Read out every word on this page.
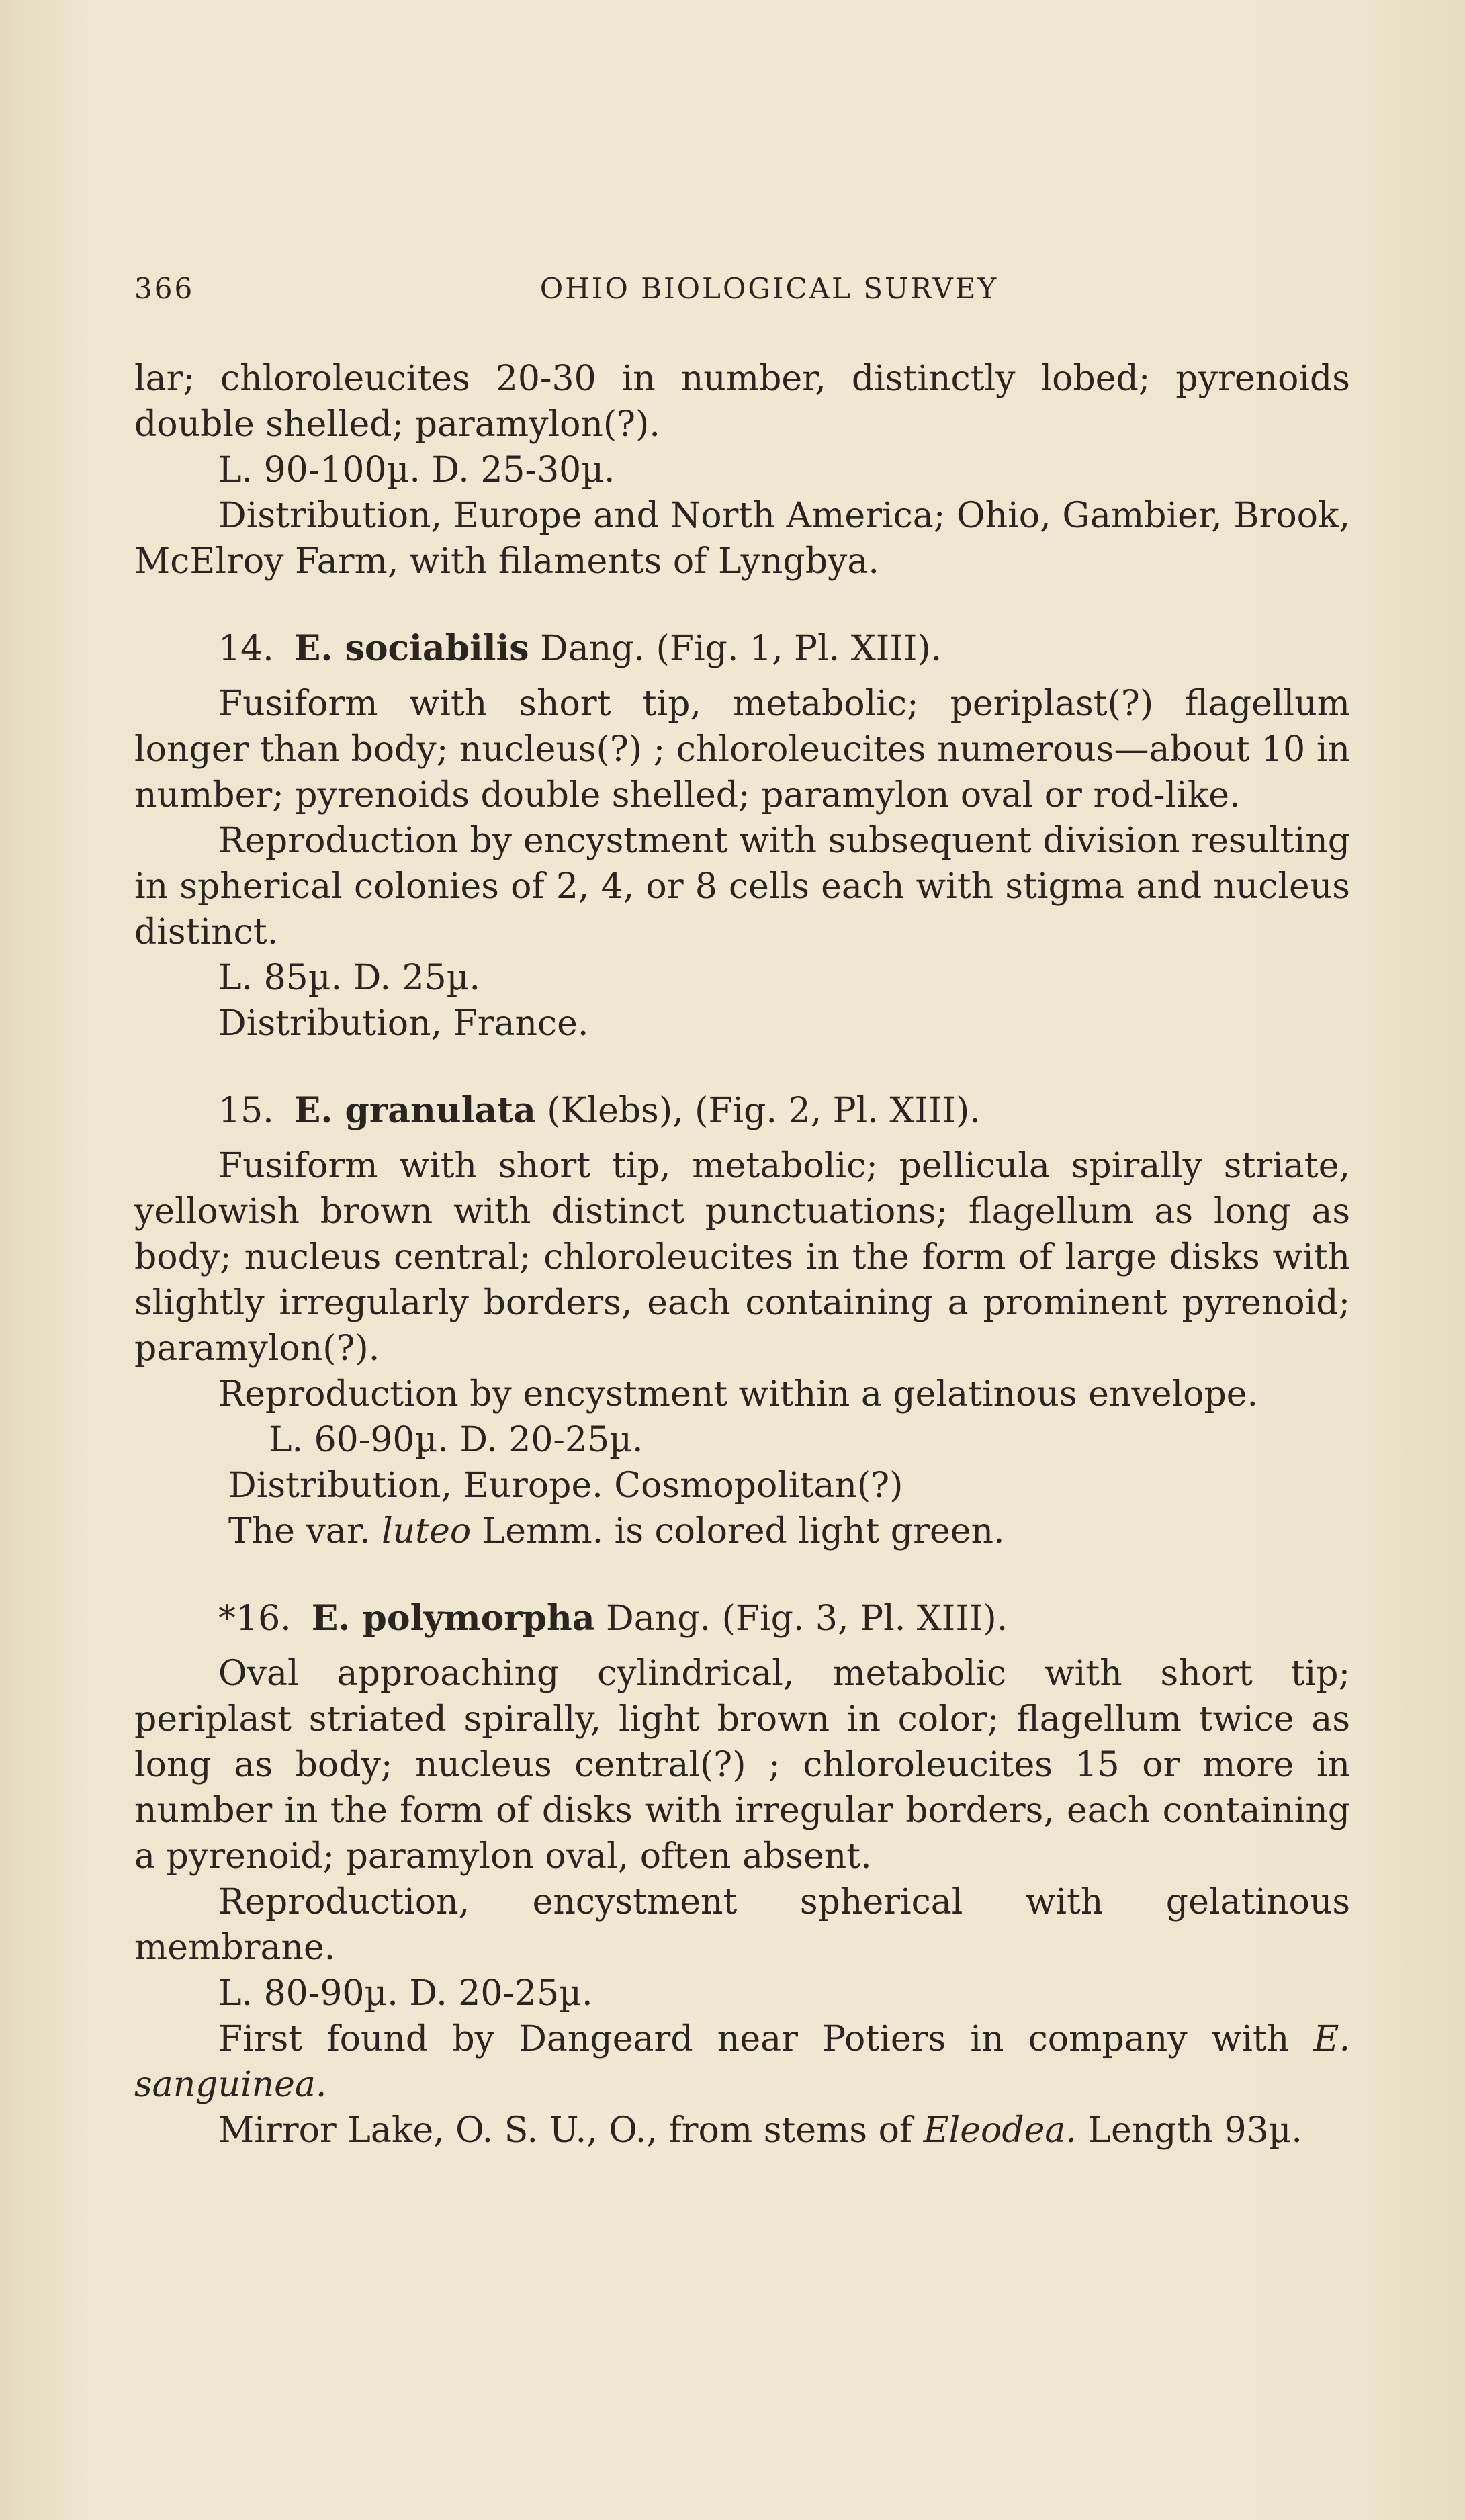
366	OHIO BIOLOGICAL SURVEY

lar; chloroleucites 20-30 in number, distinctly lobed; pyrenoids double shelled; paramylon(?).

L. 90-100µ. D. 25-30µ.

Distribution, Europe and North America; Ohio, Gambier, Brook, McElroy Farm, with filaments of Lyngbya.

14. E. sociabilis Dang. (Fig. 1, Pl. XIII).

Fusiform with short tip, metabolic; periplast(?) flagellum longer than body; nucleus(?) ; chloroleucites numerous—about 10 in number; pyrenoids double shelled; paramylon oval or rod-like.

Reproduction by encystment with subsequent division resulting in spherical colonies of 2, 4, or 8 cells each with stigma and nucleus distinct.

L. 85µ. D. 25µ.

Distribution, France.

15. E. granulata (Klebs), (Fig. 2, Pl. XIII).

Fusiform with short tip, metabolic; pellicula spirally striate, yellowish brown with distinct punctuations; flagellum as long as body; nucleus central; chloroleucites in the form of large disks with slightly irregularly borders, each containing a prominent pyrenoid; paramylon(?).

Reproduction by encystment within a gelatinous envelope.

L. 60-90µ. D. 20-25µ.

Distribution, Europe. Cosmopolitan(?)

The var. luteo Lemm. is colored light green.

*16. E. polymorpha Dang. (Fig. 3, Pl. XIII).

Oval approaching cylindrical, metabolic with short tip; periplast striated spirally, light brown in color; flagellum twice as long as body; nucleus central(?) ; chloroleucites 15 or more in number in the form of disks with irregular borders, each containing a pyrenoid; paramylon oval, often absent.

Reproduction, encystment spherical with gelatinous membrane.

L. 80-90µ. D. 20-25µ.

First found by Dangeard near Potiers in company with E. sanguinea.

Mirror Lake, O. S. U., O., from stems of Eleodea. Length 93µ.
